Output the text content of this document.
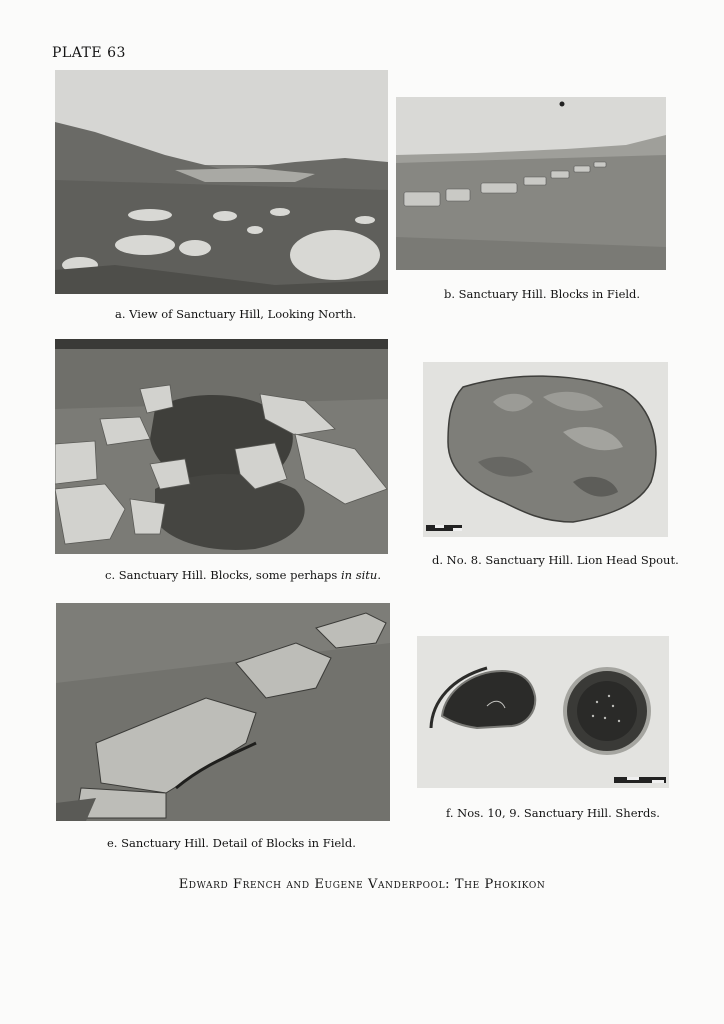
PLATE 63
a. View of Sanctuary Hill, Looking North.
b. Sanctuary Hill. Blocks in Field.
c. Sanctuary Hill. Blocks, some perhaps in situ.
d. No. 8. Sanctuary Hill. Lion Head Spout.
e. Sanctuary Hill. Detail of Blocks in Field.
f. Nos. 10, 9. Sanctuary Hill. Sherds.
Edward French and Eugene Vanderpool: The Phokikon
